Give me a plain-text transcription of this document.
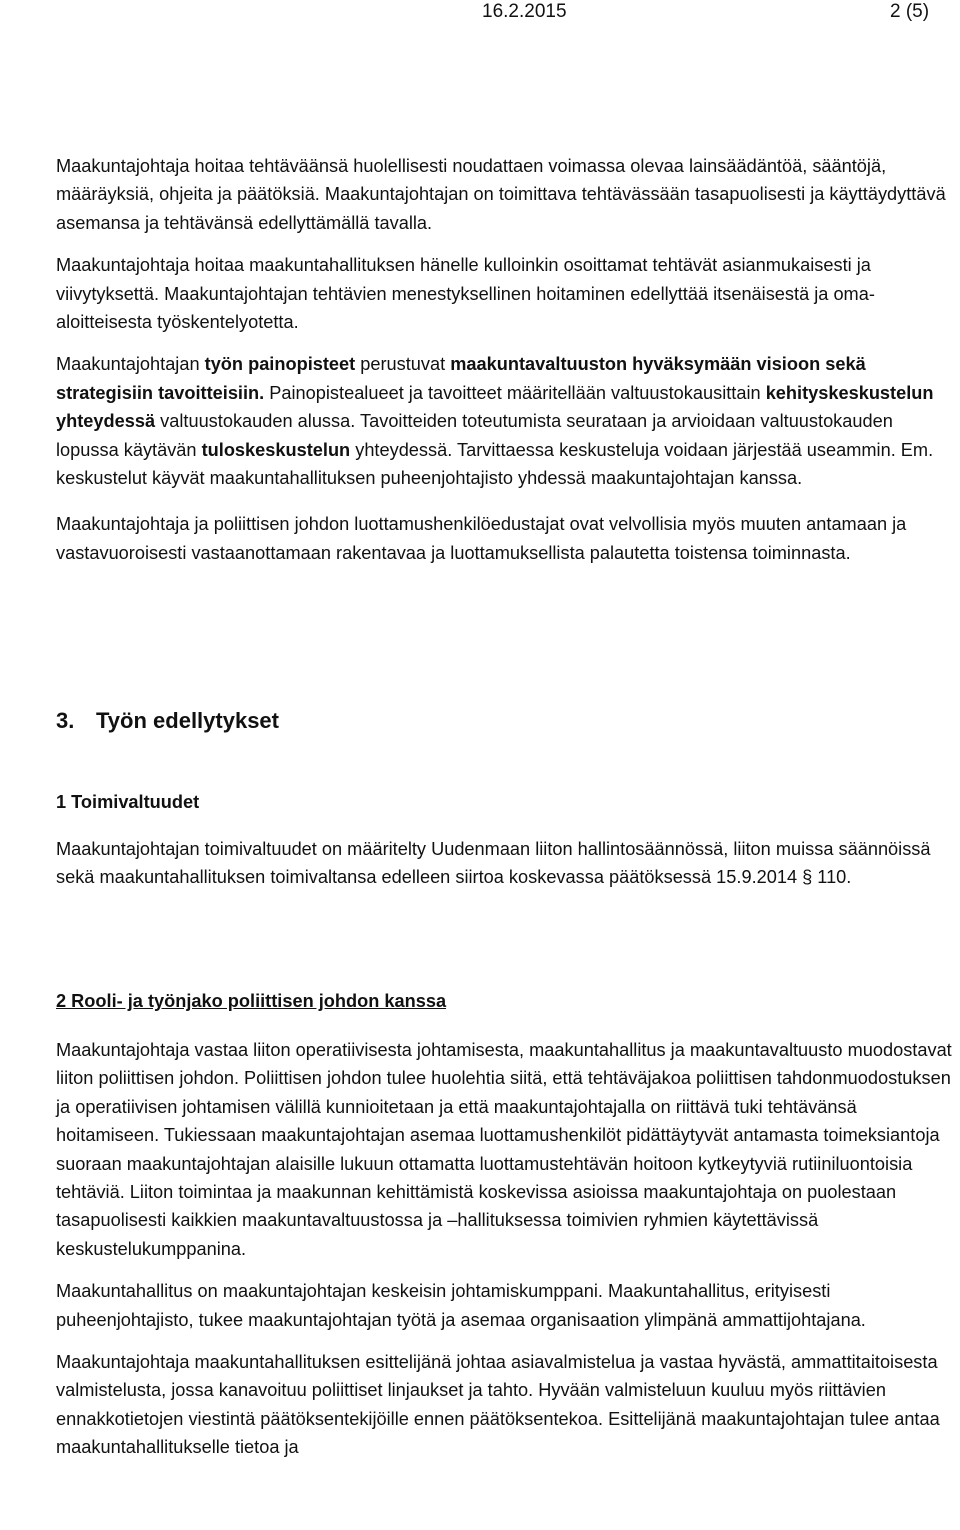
16.2.2015	2 (5)

Maakuntajohtaja hoitaa tehtäväänsä huolellisesti noudattaen voimassa olevaa lainsäädäntöä, sääntöjä, määräyksiä, ohjeita ja päätöksiä. Maakuntajohtajan on toimittava tehtävässään tasapuolisesti ja käyttäydyttävä asemansa ja tehtävänsä edellyttämällä tavalla.

Maakuntajohtaja hoitaa maakuntahallituksen hänelle kulloinkin osoittamat tehtävät asianmukaisesti ja viivytyksettä. Maakuntajohtajan tehtävien menestyksellinen hoitaminen edellyttää itsenäisestä ja oma-aloitteisesta työskentelyotetta.

Maakuntajohtajan työn painopisteet perustuvat maakuntavaltuuston hyväksymään visioon sekä strategisiin tavoitteisiin. Painopistealueet ja tavoitteet määritellään valtuustokausittain kehityskeskustelun yhteydessä valtuustokauden alussa. Tavoitteiden toteutumista seurataan ja arvioidaan valtuustokauden lopussa käytävän tuloskeskustelun yhteydessä. Tarvittaessa keskusteluja voidaan järjestää useammin. Em. keskustelut käyvät maakuntahallituksen puheenjohtajisto yhdessä maakuntajohtajan kanssa.

Maakuntajohtaja ja poliittisen johdon luottamushenkilöedustajat ovat velvollisia myös muuten antamaan ja vastavuoroisesti vastaanottamaan rakentavaa ja luottamuksellista palautetta toistensa toiminnasta.

3. Työn edellytykset
1 Toimivaltuudet

Maakuntajohtajan toimivaltuudet on määritelty Uudenmaan liiton hallintosäännössä, liiton muissa säännöissä sekä maakuntahallituksen toimivaltansa edelleen siirtoa koskevassa päätöksessä 15.9.2014 § 110.

2 Rooli- ja työnjako poliittisen johdon kanssa

Maakuntajohtaja vastaa liiton operatiivisesta johtamisesta, maakuntahallitus ja maakuntavaltuusto muodostavat liiton poliittisen johdon. Poliittisen johdon tulee huolehtia siitä, että tehtäväjakoa poliittisen tahdonmuodostuksen ja operatiivisen johtamisen välillä kunnioitetaan ja että maakuntajohtajalla on riittävä tuki tehtävänsä hoitamiseen. Tukiessaan maakuntajohtajan asemaa luottamushenkilöt pidättäytyvät antamasta toimeksiantoja suoraan maakuntajohtajan alaisille lukuun ottamatta luottamustehtävän hoitoon kytkeytyviä rutiiniluontoisia tehtäviä. Liiton toimintaa ja maakunnan kehittämistä koskevissa asioissa maakuntajohtaja on puolestaan tasapuolisesti kaikkien maakuntavaltuustossa ja –hallituksessa toimivien ryhmien käytettävissä keskustelukumppanina.

Maakuntahallitus on maakuntajohtajan keskeisin johtamiskumppani. Maakuntahallitus, erityisesti puheenjohtajisto, tukee maakuntajohtajan työtä ja asemaa organisaation ylimpänä ammattijohtajana.

Maakuntajohtaja maakuntahallituksen esittelijänä johtaa asiavalmistelua ja vastaa hyvästä, ammattitaitoisesta valmistelusta, jossa kanavoituu poliittiset linjaukset ja tahto. Hyvään valmisteluun kuuluu myös riittävien ennakkotietojen viestintä päätöksentekijöille ennen päätöksentekoa. Esittelijänä maakuntajohtajan tulee antaa maakuntahallitukselle tietoa ja
